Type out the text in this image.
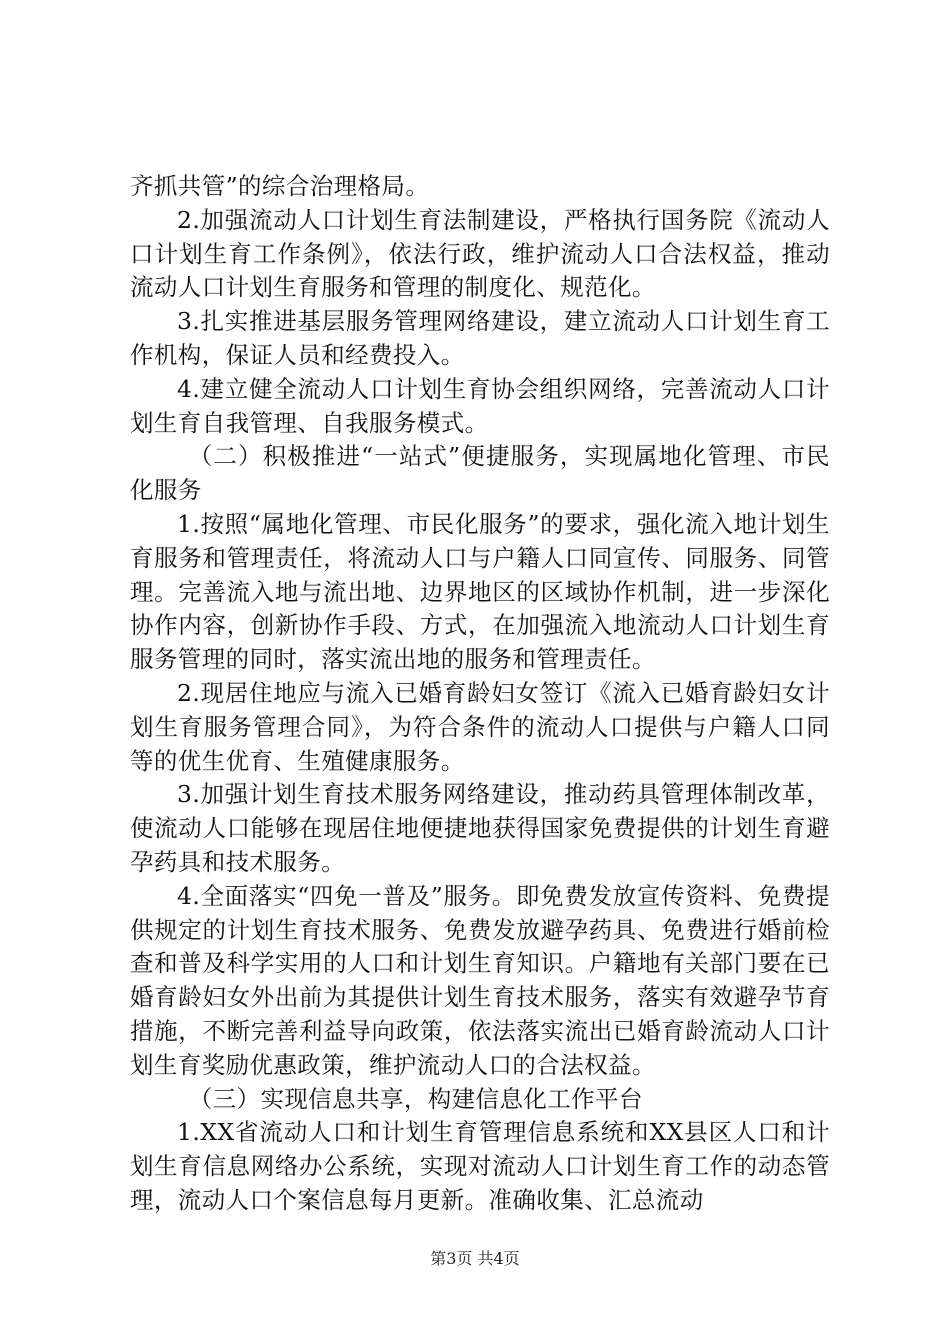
齐抓共管”的综合治理格局。

2.加强流动人口计划生育法制建设，严格执行国务院《流动人口计划生育工作条例》，依法行政，维护流动人口合法权益，推动流动人口计划生育服务和管理的制度化、规范化。

3.扎实推进基层服务管理网络建设，建立流动人口计划生育工作机构，保证人员和经费投入。

4.建立健全流动人口计划生育协会组织网络，完善流动人口计划生育自我管理、自我服务模式。

（二）积极推进“一站式”便捷服务，实现属地化管理、市民化服务

1.按照“属地化管理、市民化服务”的要求，强化流入地计划生育服务和管理责任，将流动人口与户籍人口同宣传、同服务、同管理。完善流入地与流出地、边界地区的区域协作机制，进一步深化协作内容，创新协作手段、方式，在加强流入地流动人口计划生育服务管理的同时，落实流出地的服务和管理责任。

2.现居住地应与流入已婚育龄妇女签订《流入已婚育龄妇女计划生育服务管理合同》，为符合条件的流动人口提供与户籍人口同等的优生优育、生殖健康服务。

3.加强计划生育技术服务网络建设，推动药具管理体制改革，使流动人口能够在现居住地便捷地获得国家免费提供的计划生育避孕药具和技术服务。

4.全面落实“四免一普及”服务。即免费发放宣传资料、免费提供规定的计划生育技术服务、免费发放避孕药具、免费进行婚前检查和普及科学实用的人口和计划生育知识。户籍地有关部门要在已婚育龄妇女外出前为其提供计划生育技术服务，落实有效避孕节育措施，不断完善利益导向政策，依法落实流出已婚育龄流动人口计划生育奖励优惠政策，维护流动人口的合法权益。

（三）实现信息共享，构建信息化工作平台

1.XX省流动人口和计划生育管理信息系统和XX县区人口和计划生育信息网络办公系统，实现对流动人口计划生育工作的动态管理，流动人口个案信息每月更新。准确收集、汇总流动

第3页 共4页
